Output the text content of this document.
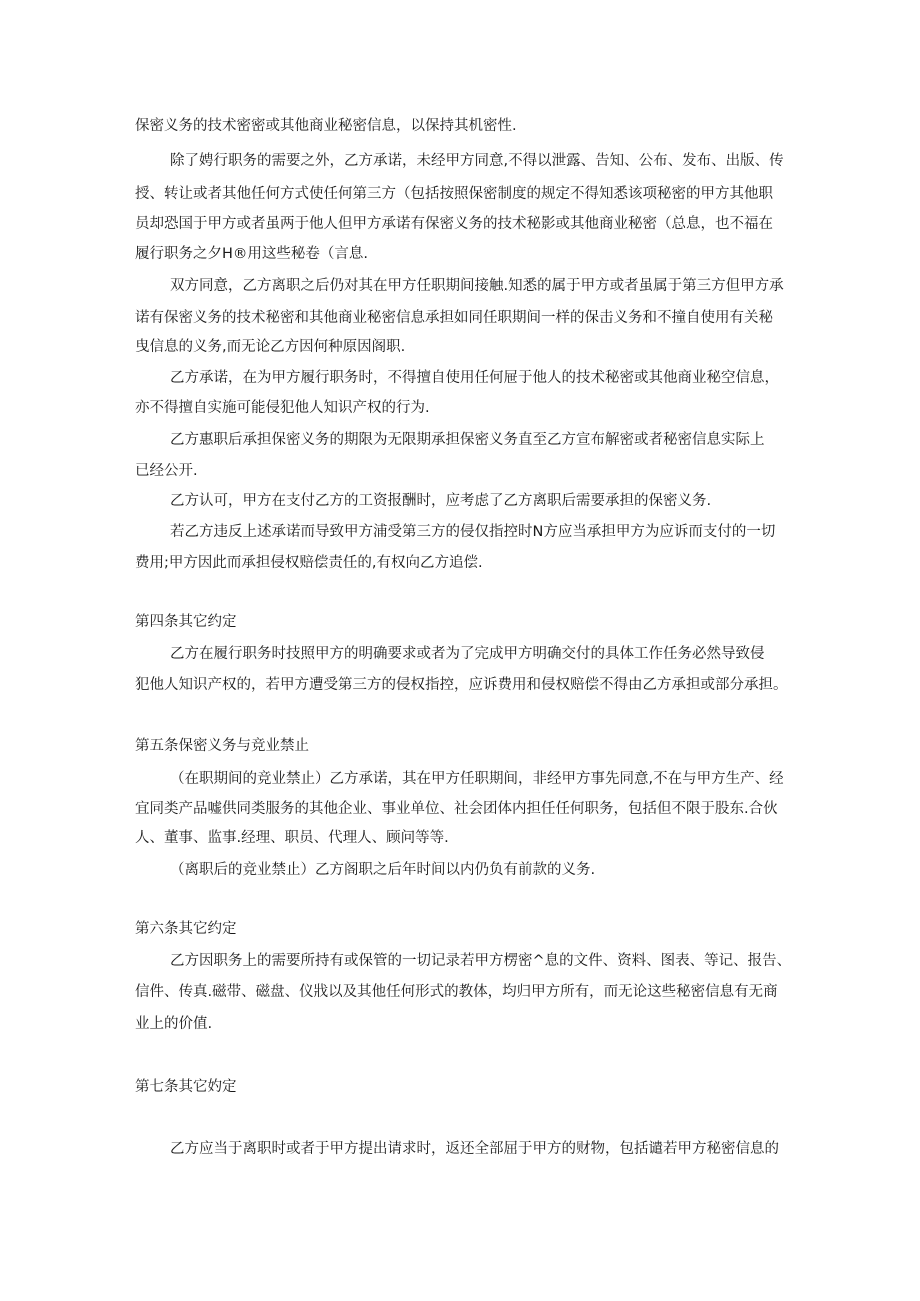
保密义务的技术密密或其他商业秘密信息，以保持其机密性.
除了娉行职务的需要之外，乙方承诺，未经甲方同意,不得以泄露、告知、公布、发布、出版、传
授、转让或者其他任何方式使任何第三方（包括按照保密制度的规定不得知悉该项秘密的甲方其他职
员却恐国于甲方或者虽两于他人但甲方承诺有保密义务的技术秘影或其他商业秘密（总息，也不福在
履行职务之夕H®用这些秘卷（言息.
双方同意，乙方离职之后仍对其在甲方任职期间接触.知悉的属于甲方或者虽属于第三方但甲方承
诺有保密义务的技术秘密和其他商业秘密信息承担如同任职期间一样的保击义务和不撞自使用有关秘
曳信息的义务,而无论乙方因何种原因阁职.
乙方承诺，在为甲方履行职务时，不得擅自使用任何屉于他人的技术秘密或其他商业秘空信息，
亦不得擅自实施可能侵犯他人知识产权的行为.
乙方惠职后承担保密义务的期限为无限期承担保密义务直至乙方宣布解密或者秘密信息实际上
已经公开.
乙方认可，甲方在支付乙方的工资报酬时，应考虑了乙方离职后需要承担的保密义务.
若乙方违反上述承诺而导致甲方浦受第三方的侵仅指控时N方应当承担甲方为应诉而支付的一切
费用;甲方因此而承担侵权赔偿责任的,有权向乙方追偿.
第四条其它约定
乙方在履行职务时技照甲方的明确要求或者为了完成甲方明确交付的具体工作任务必然导致侵
犯他人知识产权的，若甲方遭受第三方的侵权指控，应诉费用和侵权赔偿不得由乙方承担或部分承担。
第五条保密义务与竞业禁止
（在职期间的竞业禁止）乙方承诺，其在甲方任职期间，非经甲方事先同意,不在与甲方生产、经
宜同类产品嘘供同类服务的其他企业、事业单位、社会团体内担任任何职务，包括但不限于股东.合伙
人、董事、监事.经理、职员、代理人、顾问等等.
（离职后的竞业禁止）乙方阁职之后年时间以内仍负有前款的义务.
第六条其它约定
乙方因职务上的需要所持有或保管的一切记录若甲方楞密^息的文件、资料、图表、等记、报告、
信件、传真.磁带、磁盘、仪戕以及其他任何形式的教体，均归甲方所有，而无论这些秘密信息有无商
业上的价值.
第七条其它妁定
乙方应当于离职时或者于甲方提出请求时，返还全部屈于甲方的财物，包括谴若甲方秘密信息的
